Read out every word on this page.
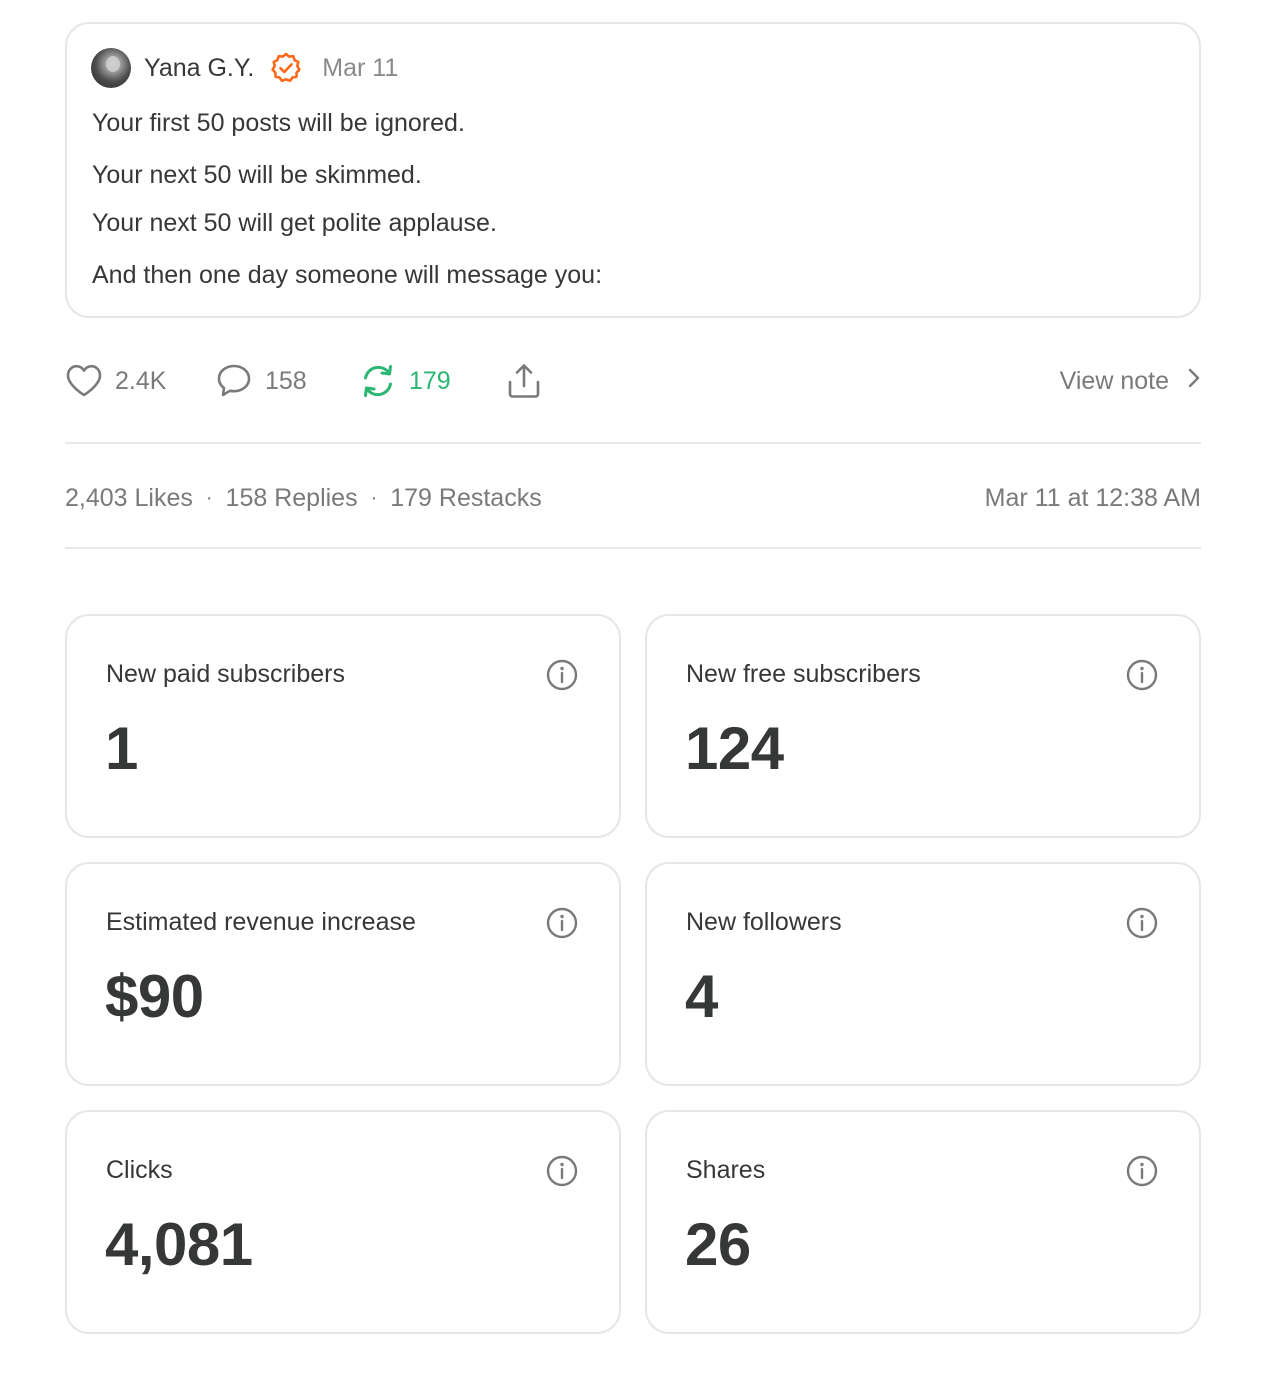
Yana G.Y.	Mar 11

Your first 50 posts will be ignored.

Your next 50 will be skimmed.

Your next 50 will get polite applause.

And then one day someone will message you:

2.4K	158	179	View note
2,403 Likes · 158 Replies · 179 Restacks	Mar 11 at 12:38 AM
New paid subscribers
1
New free subscribers
124
Estimated revenue increase
$90
New followers
4
Clicks
4,081
Shares
26
